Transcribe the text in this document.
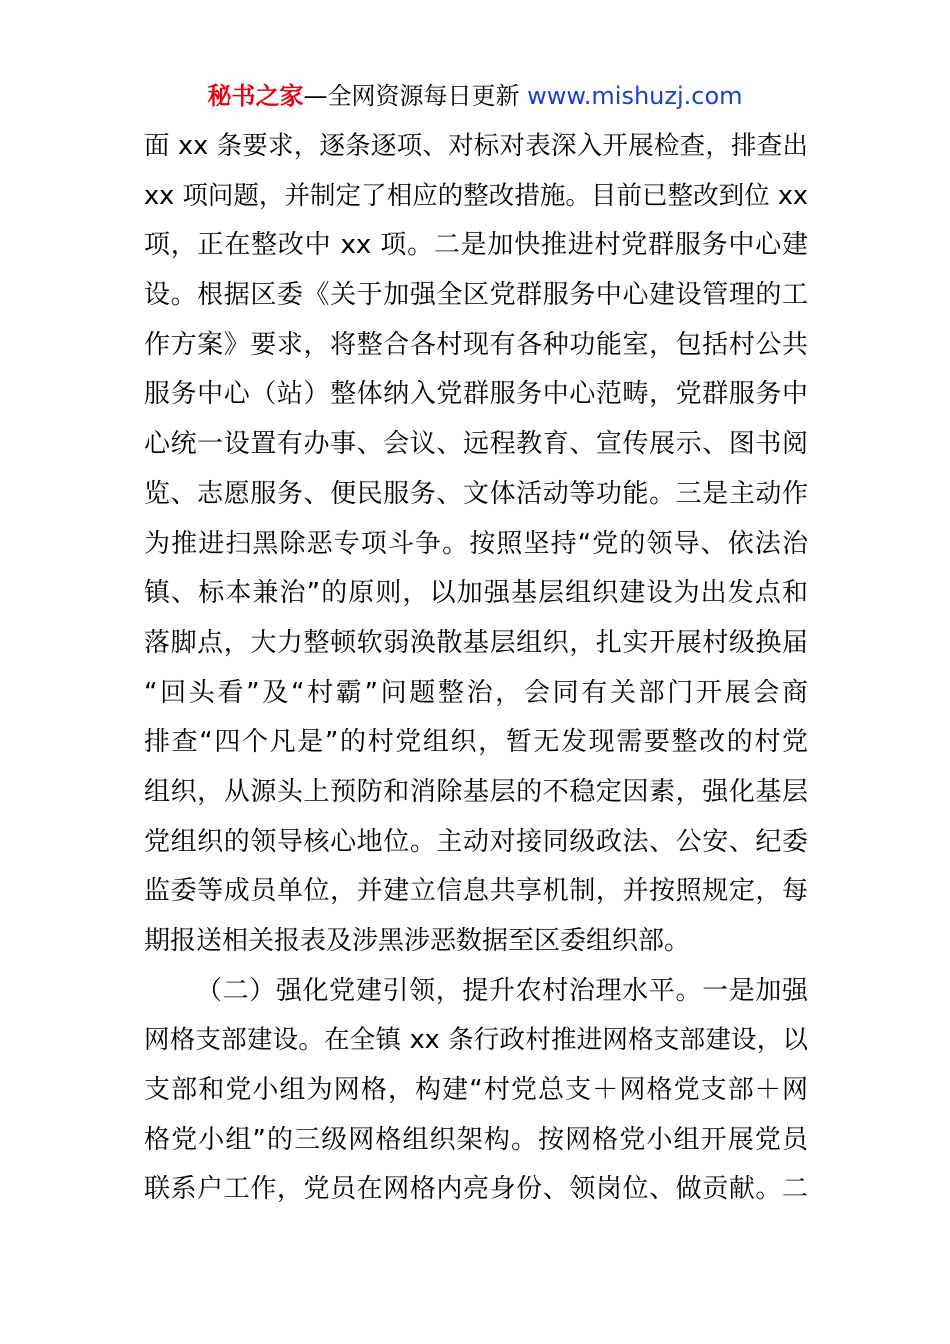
秘书之家—全网资源每日更新 www.mishuzj.com
面 xx 条要求，逐条逐项、对标对表深入开展检查，排查出
xx 项问题，并制定了相应的整改措施。目前已整改到位 xx
项，正在整改中 xx 项。二是加快推进村党群服务中心建
设。根据区委《关于加强全区党群服务中心建设管理的工
作方案》要求，将整合各村现有各种功能室，包括村公共
服务中心（站）整体纳入党群服务中心范畴，党群服务中
心统一设置有办事、会议、远程教育、宣传展示、图书阅
览、志愿服务、便民服务、文体活动等功能。三是主动作
为推进扫黑除恶专项斗争。按照坚持“党的领导、依法治
镇、标本兼治”的原则，以加强基层组织建设为出发点和
落脚点，大力整顿软弱涣散基层组织，扎实开展村级换届
“回头看”及“村霸”问题整治，会同有关部门开展会商
排查“四个凡是”的村党组织，暂无发现需要整改的村党
组织，从源头上预防和消除基层的不稳定因素，强化基层
党组织的领导核心地位。主动对接同级政法、公安、纪委
监委等成员单位，并建立信息共享机制，并按照规定，每
期报送相关报表及涉黑涉恶数据至区委组织部。
（二）强化党建引领，提升农村治理水平。一是加强
网格支部建设。在全镇 xx 条行政村推进网格支部建设，以
支部和党小组为网格，构建“村党总支＋网格党支部＋网
格党小组”的三级网格组织架构。按网格党小组开展党员
联系户工作，党员在网格内亮身份、领岗位、做贡献。二
